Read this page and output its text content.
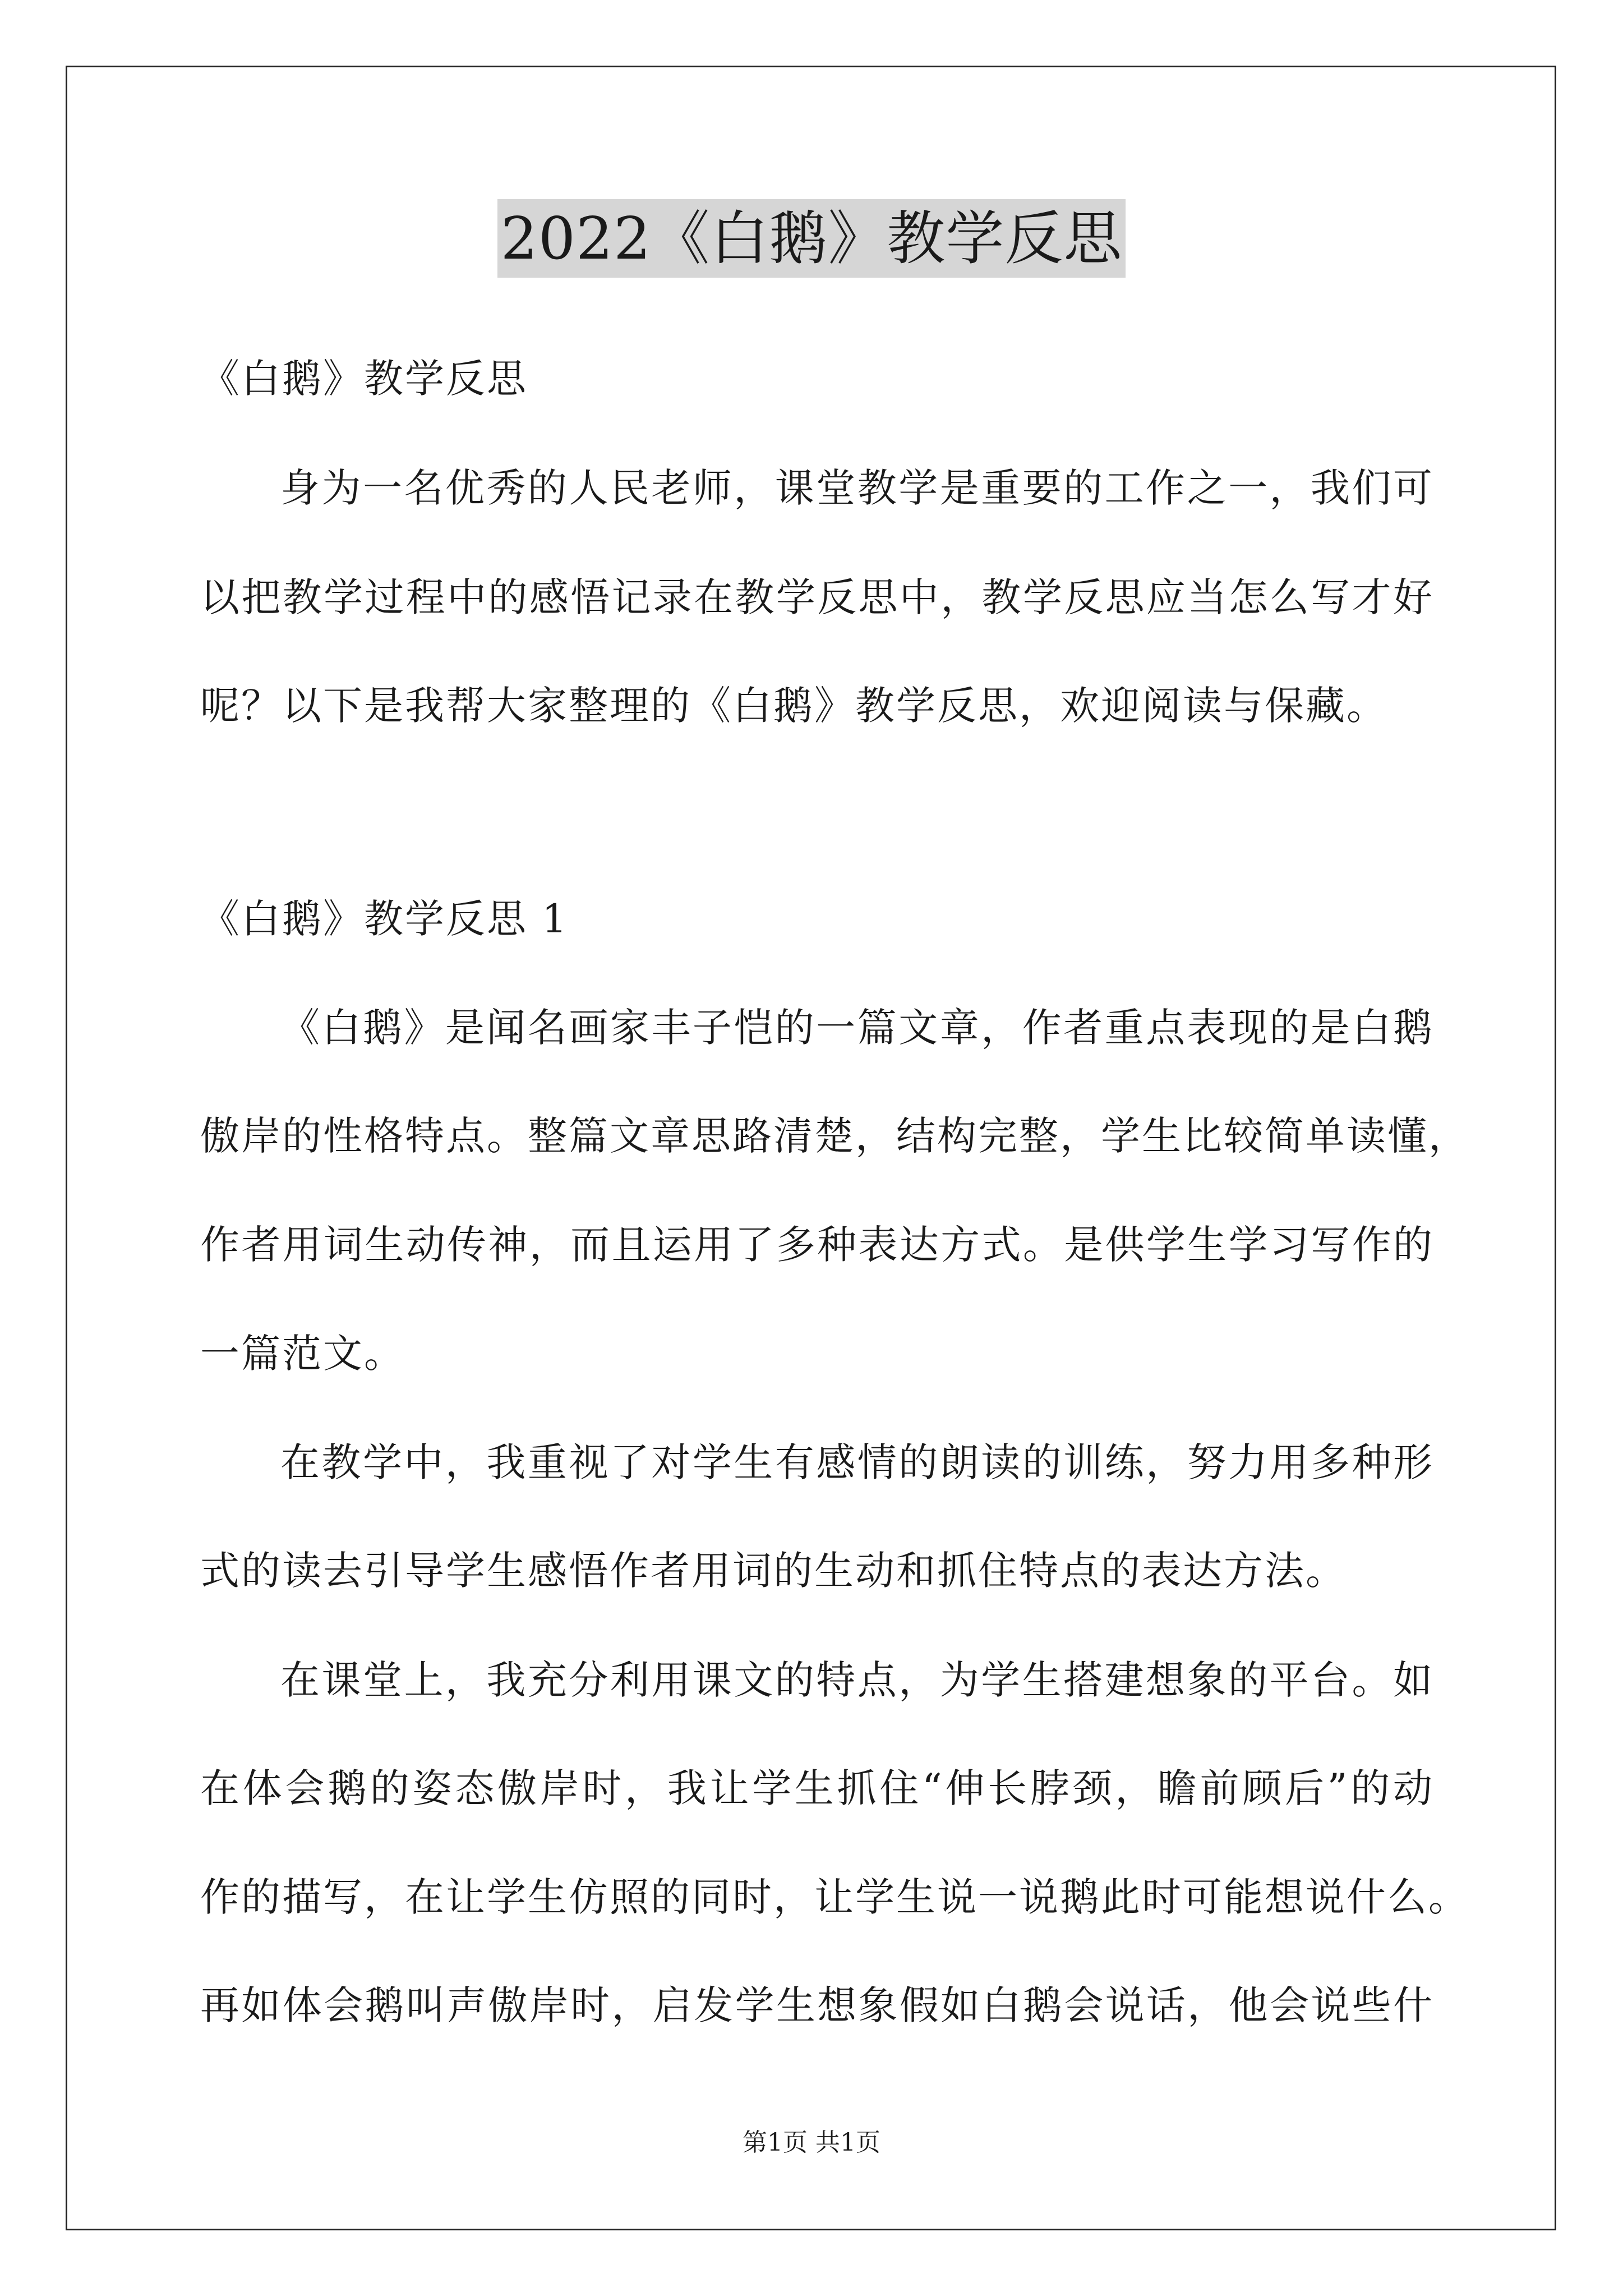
2022《白鹅》教学反思
《白鹅》教学反思
身为一名优秀的人民老师，课堂教学是重要的工作之一，我们可
以把教学过程中的感悟记录在教学反思中，教学反思应当怎么写才好
呢？以下是我帮大家整理的《白鹅》教学反思，欢迎阅读与保藏。
《白鹅》教学反思 1
《白鹅》是闻名画家丰子恺的一篇文章，作者重点表现的是白鹅
傲岸的性格特点。整篇文章思路清楚，结构完整，学生比较简单读懂，
作者用词生动传神，而且运用了多种表达方式。是供学生学习写作的
一篇范文。
在教学中，我重视了对学生有感情的朗读的训练，努力用多种形
式的读去引导学生感悟作者用词的生动和抓住特点的表达方法。
在课堂上，我充分利用课文的特点，为学生搭建想象的平台。如
在体会鹅的姿态傲岸时，我让学生抓住“伸长脖颈，瞻前顾后”的动
作的描写，在让学生仿照的同时，让学生说一说鹅此时可能想说什么。
再如体会鹅叫声傲岸时，启发学生想象假如白鹅会说话，他会说些什
第1页 共1页
